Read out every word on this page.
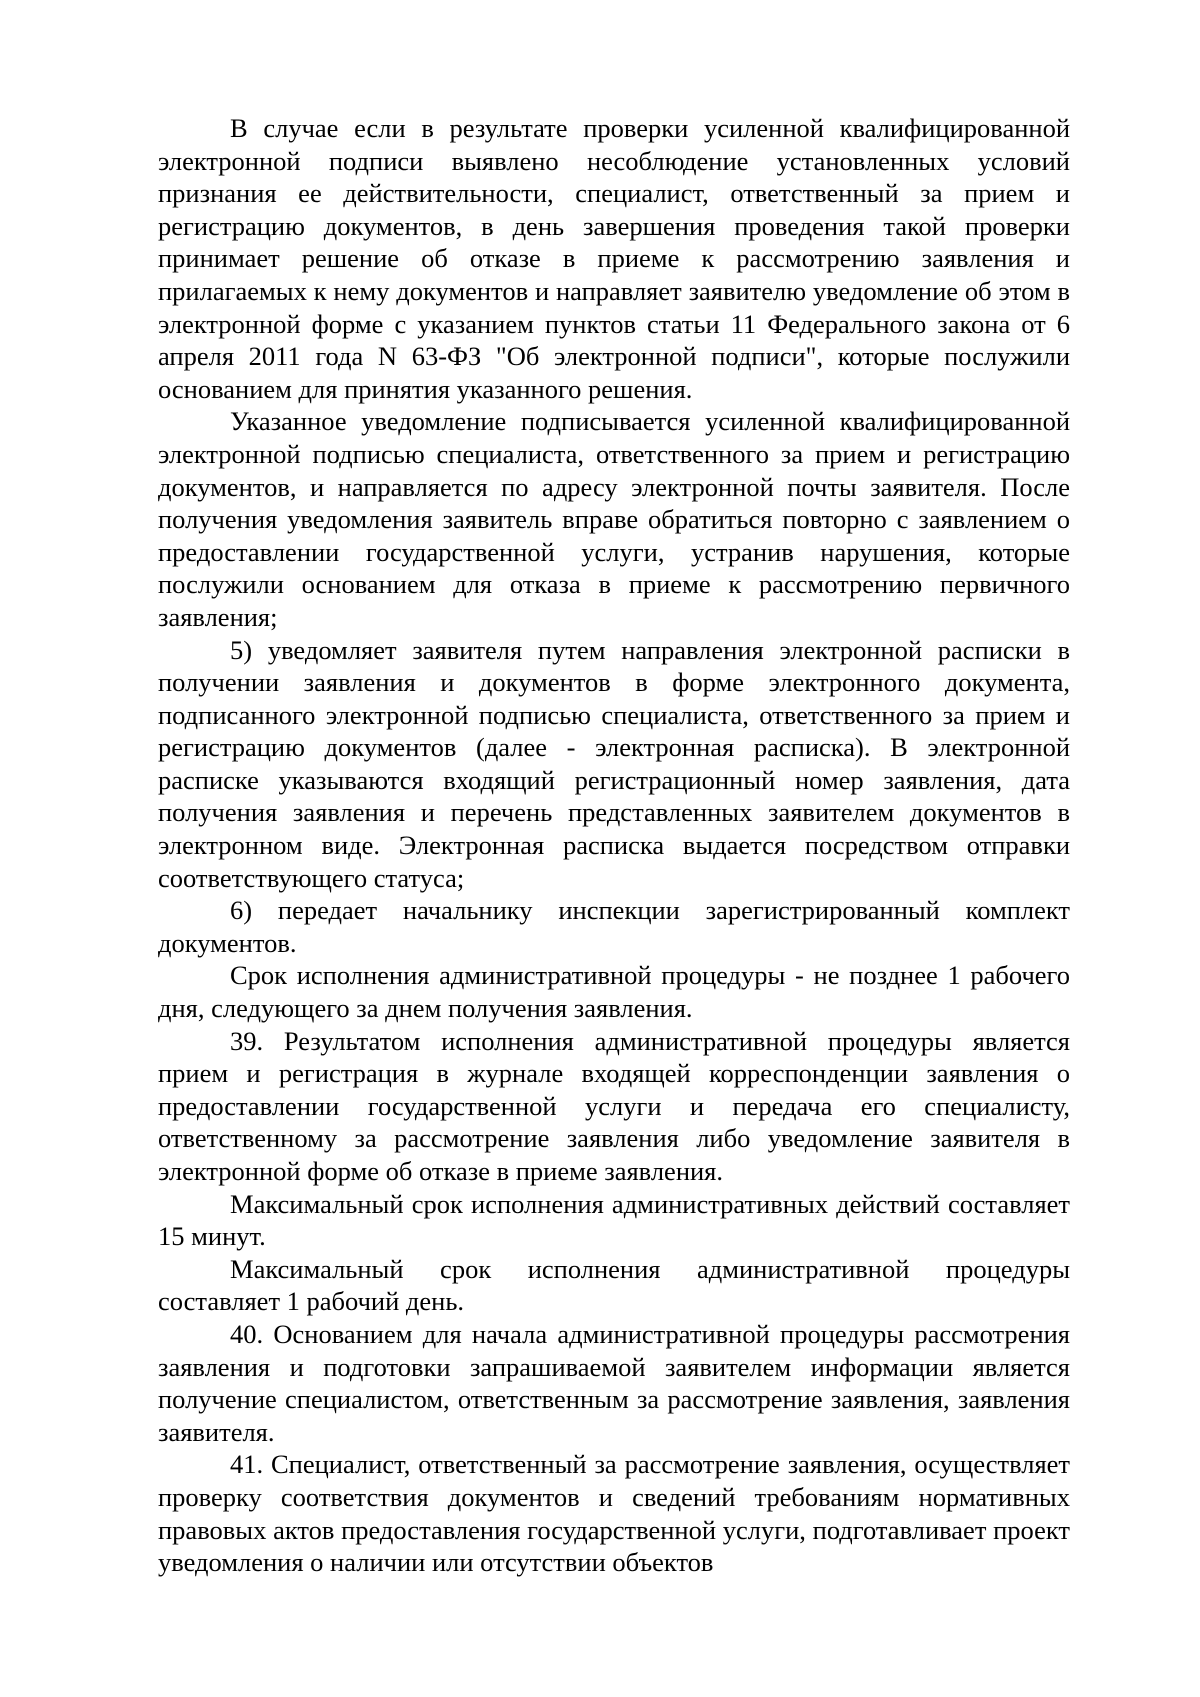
В случае если в результате проверки усиленной квалифицированной электронной подписи выявлено несоблюдение установленных условий признания ее действительности, специалист, ответственный за прием и регистрацию документов, в день завершения проведения такой проверки принимает решение об отказе в приеме к рассмотрению заявления и прилагаемых к нему документов и направляет заявителю уведомление об этом в электронной форме с указанием пунктов статьи 11 Федерального закона от 6 апреля 2011 года N 63-ФЗ "Об электронной подписи", которые послужили основанием для принятия указанного решения.

Указанное уведомление подписывается усиленной квалифицированной электронной подписью специалиста, ответственного за прием и регистрацию документов, и направляется по адресу электронной почты заявителя. После получения уведомления заявитель вправе обратиться повторно с заявлением о предоставлении государственной услуги, устранив нарушения, которые послужили основанием для отказа в приеме к рассмотрению первичного заявления;

5) уведомляет заявителя путем направления электронной расписки в получении заявления и документов в форме электронного документа, подписанного электронной подписью специалиста, ответственного за прием и регистрацию документов (далее - электронная расписка). В электронной расписке указываются входящий регистрационный номер заявления, дата получения заявления и перечень представленных заявителем документов в электронном виде. Электронная расписка выдается посредством отправки соответствующего статуса;

6) передает начальнику инспекции зарегистрированный комплект документов.

Срок исполнения административной процедуры - не позднее 1 рабочего дня, следующего за днем получения заявления.

39. Результатом исполнения административной процедуры является прием и регистрация в журнале входящей корреспонденции заявления о предоставлении государственной услуги и передача его специалисту, ответственному за рассмотрение заявления либо уведомление заявителя в электронной форме об отказе в приеме заявления.

Максимальный срок исполнения административных действий составляет 15 минут.

Максимальный срок исполнения административной процедуры составляет 1 рабочий день.

40. Основанием для начала административной процедуры рассмотрения заявления и подготовки запрашиваемой заявителем информации является получение специалистом, ответственным за рассмотрение заявления, заявления заявителя.

41. Специалист, ответственный за рассмотрение заявления, осуществляет проверку соответствия документов и сведений требованиям нормативных правовых актов предоставления государственной услуги, подготавливает проект уведомления о наличии или отсутствии объектов
